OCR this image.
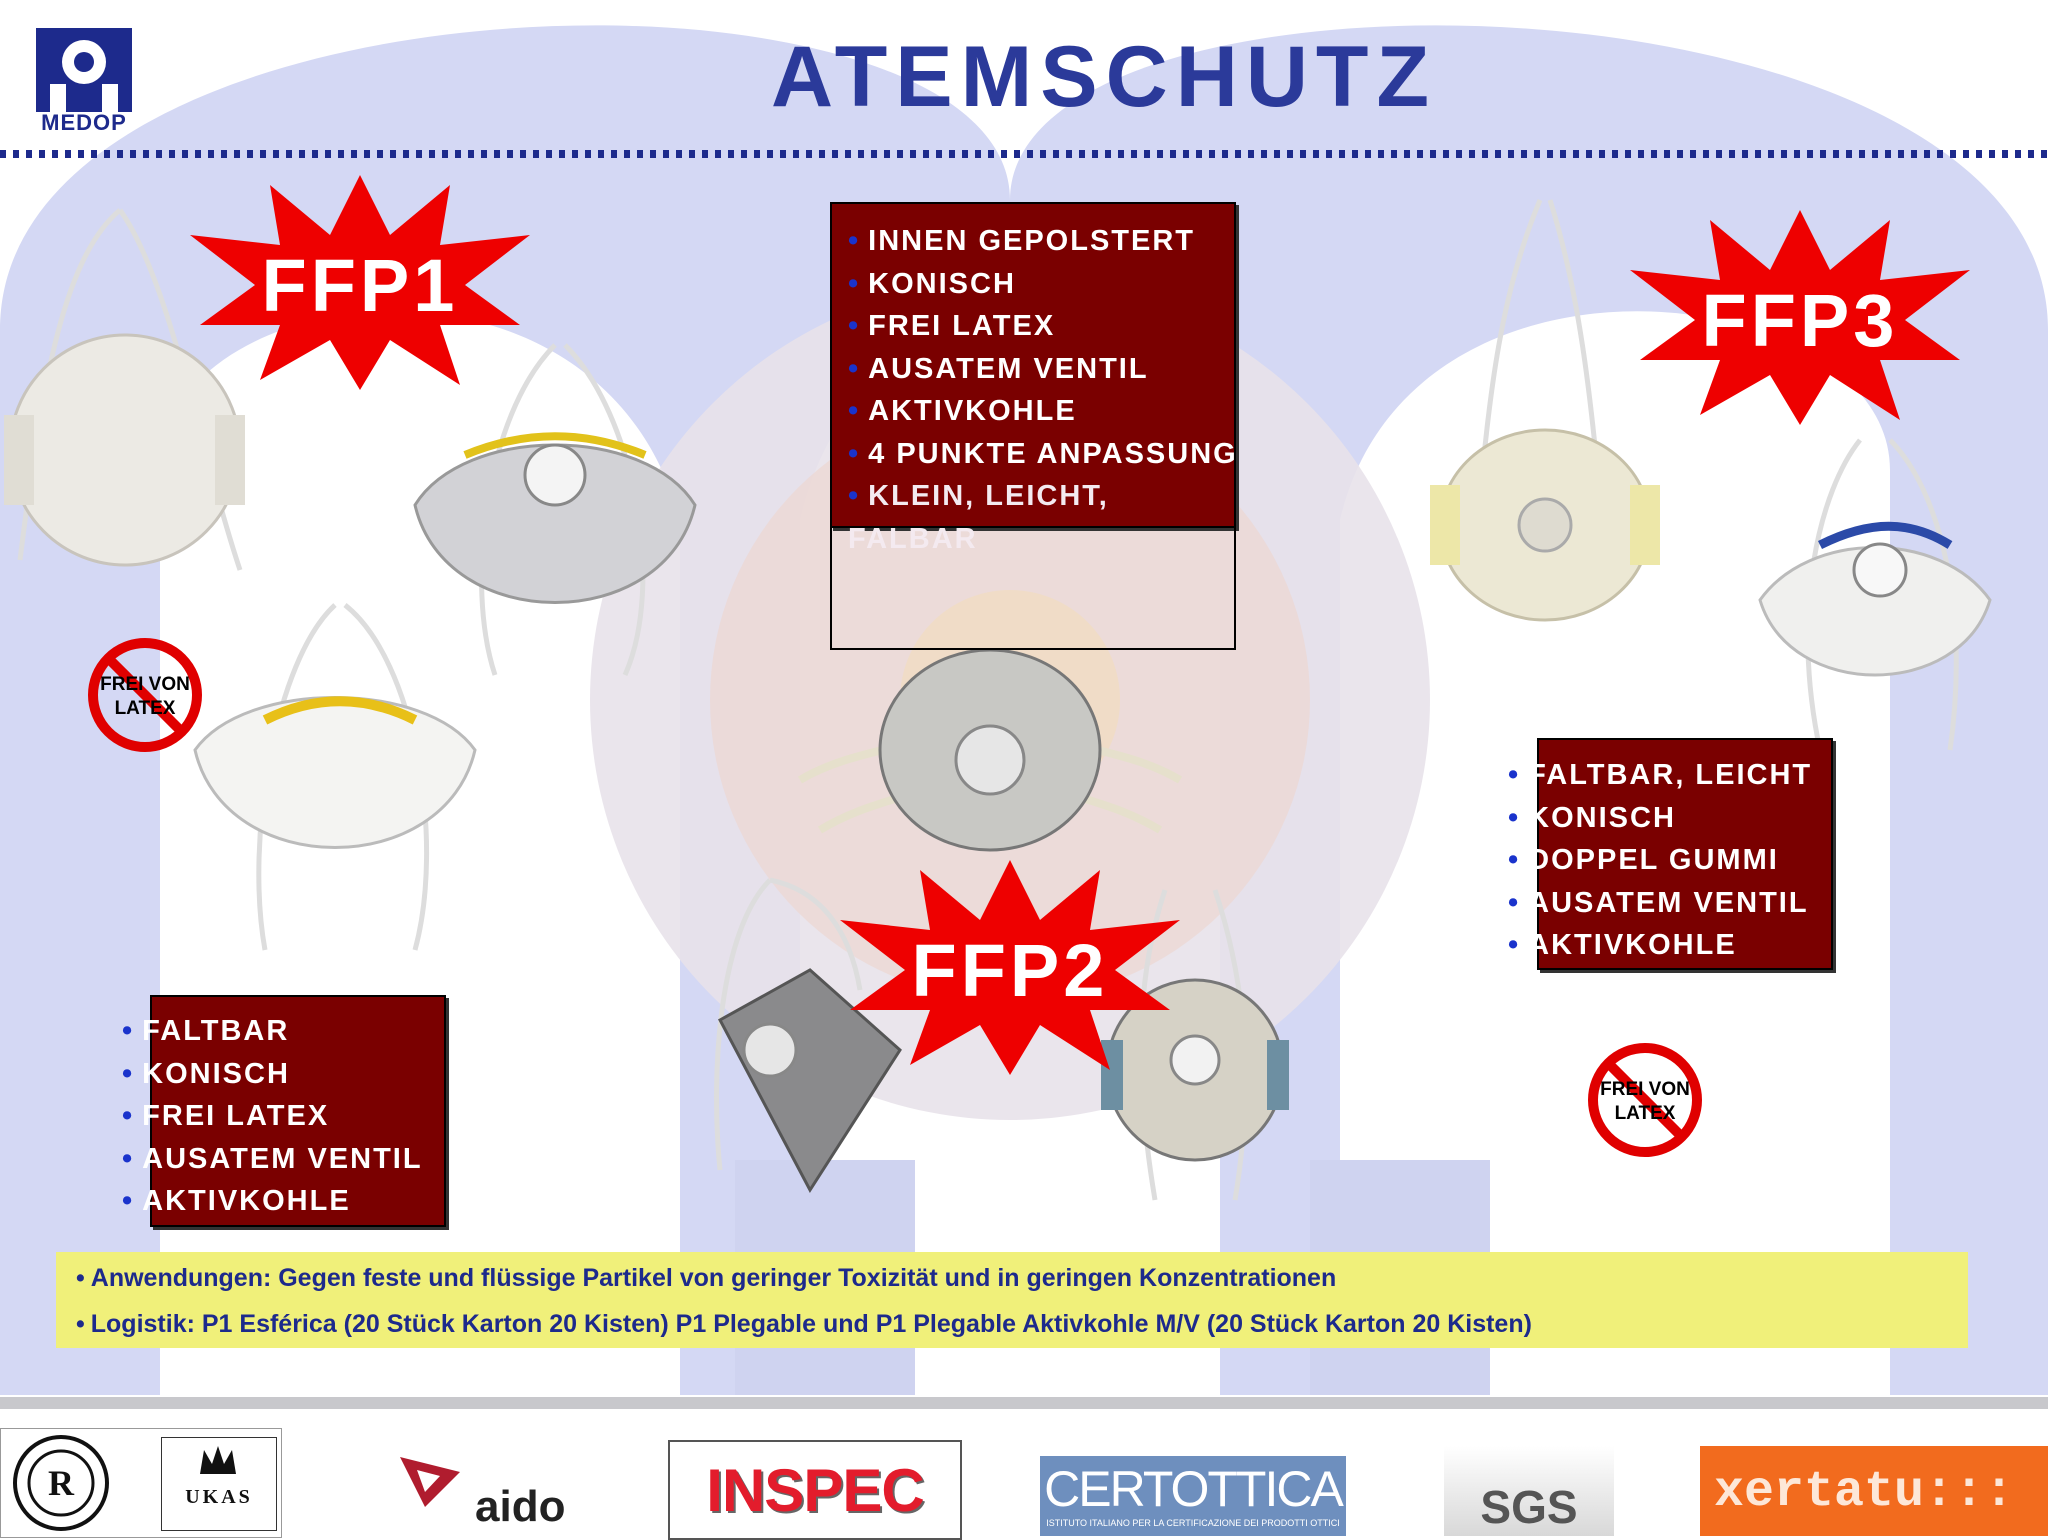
MEDOP	ATEMSCHUTZ
FFP1
FFP2
FFP3
FREI VON
LATEX
FREI VON
LATEX
• INNEN GEPOLSTERT
• KONISCH
• FREI LATEX
• AUSATEM VENTIL
• AKTIVKOHLE
• 4 PUNKTE ANPASSUNG
• KLEIN, LEICHT, FALBAR
• FALTBAR
• KONISCH
• FREI LATEX
• AUSATEM VENTIL
• AKTIVKOHLE
• FALTBAR, LEICHT
• KONISCH
• DOPPEL GUMMI
• AUSATEM VENTIL
• AKTIVKOHLE
• Anwendungen: Gegen feste und flüssige Partikel von geringer Toxizität und in geringen Konzentrationen
• Logistik: P1 Esférica (20 Stück Karton 20 Kisten) P1 Plegable und P1 Plegable Aktivkohle M/V (20 Stück Karton 20 Kisten)
R	UKAS	aido	INSPEC	CERTOTTICA
ISTITUTO ITALIANO PER LA CERTIFICAZIONE DEI PRODOTTI OTTICI	SGS	xertatu:::
